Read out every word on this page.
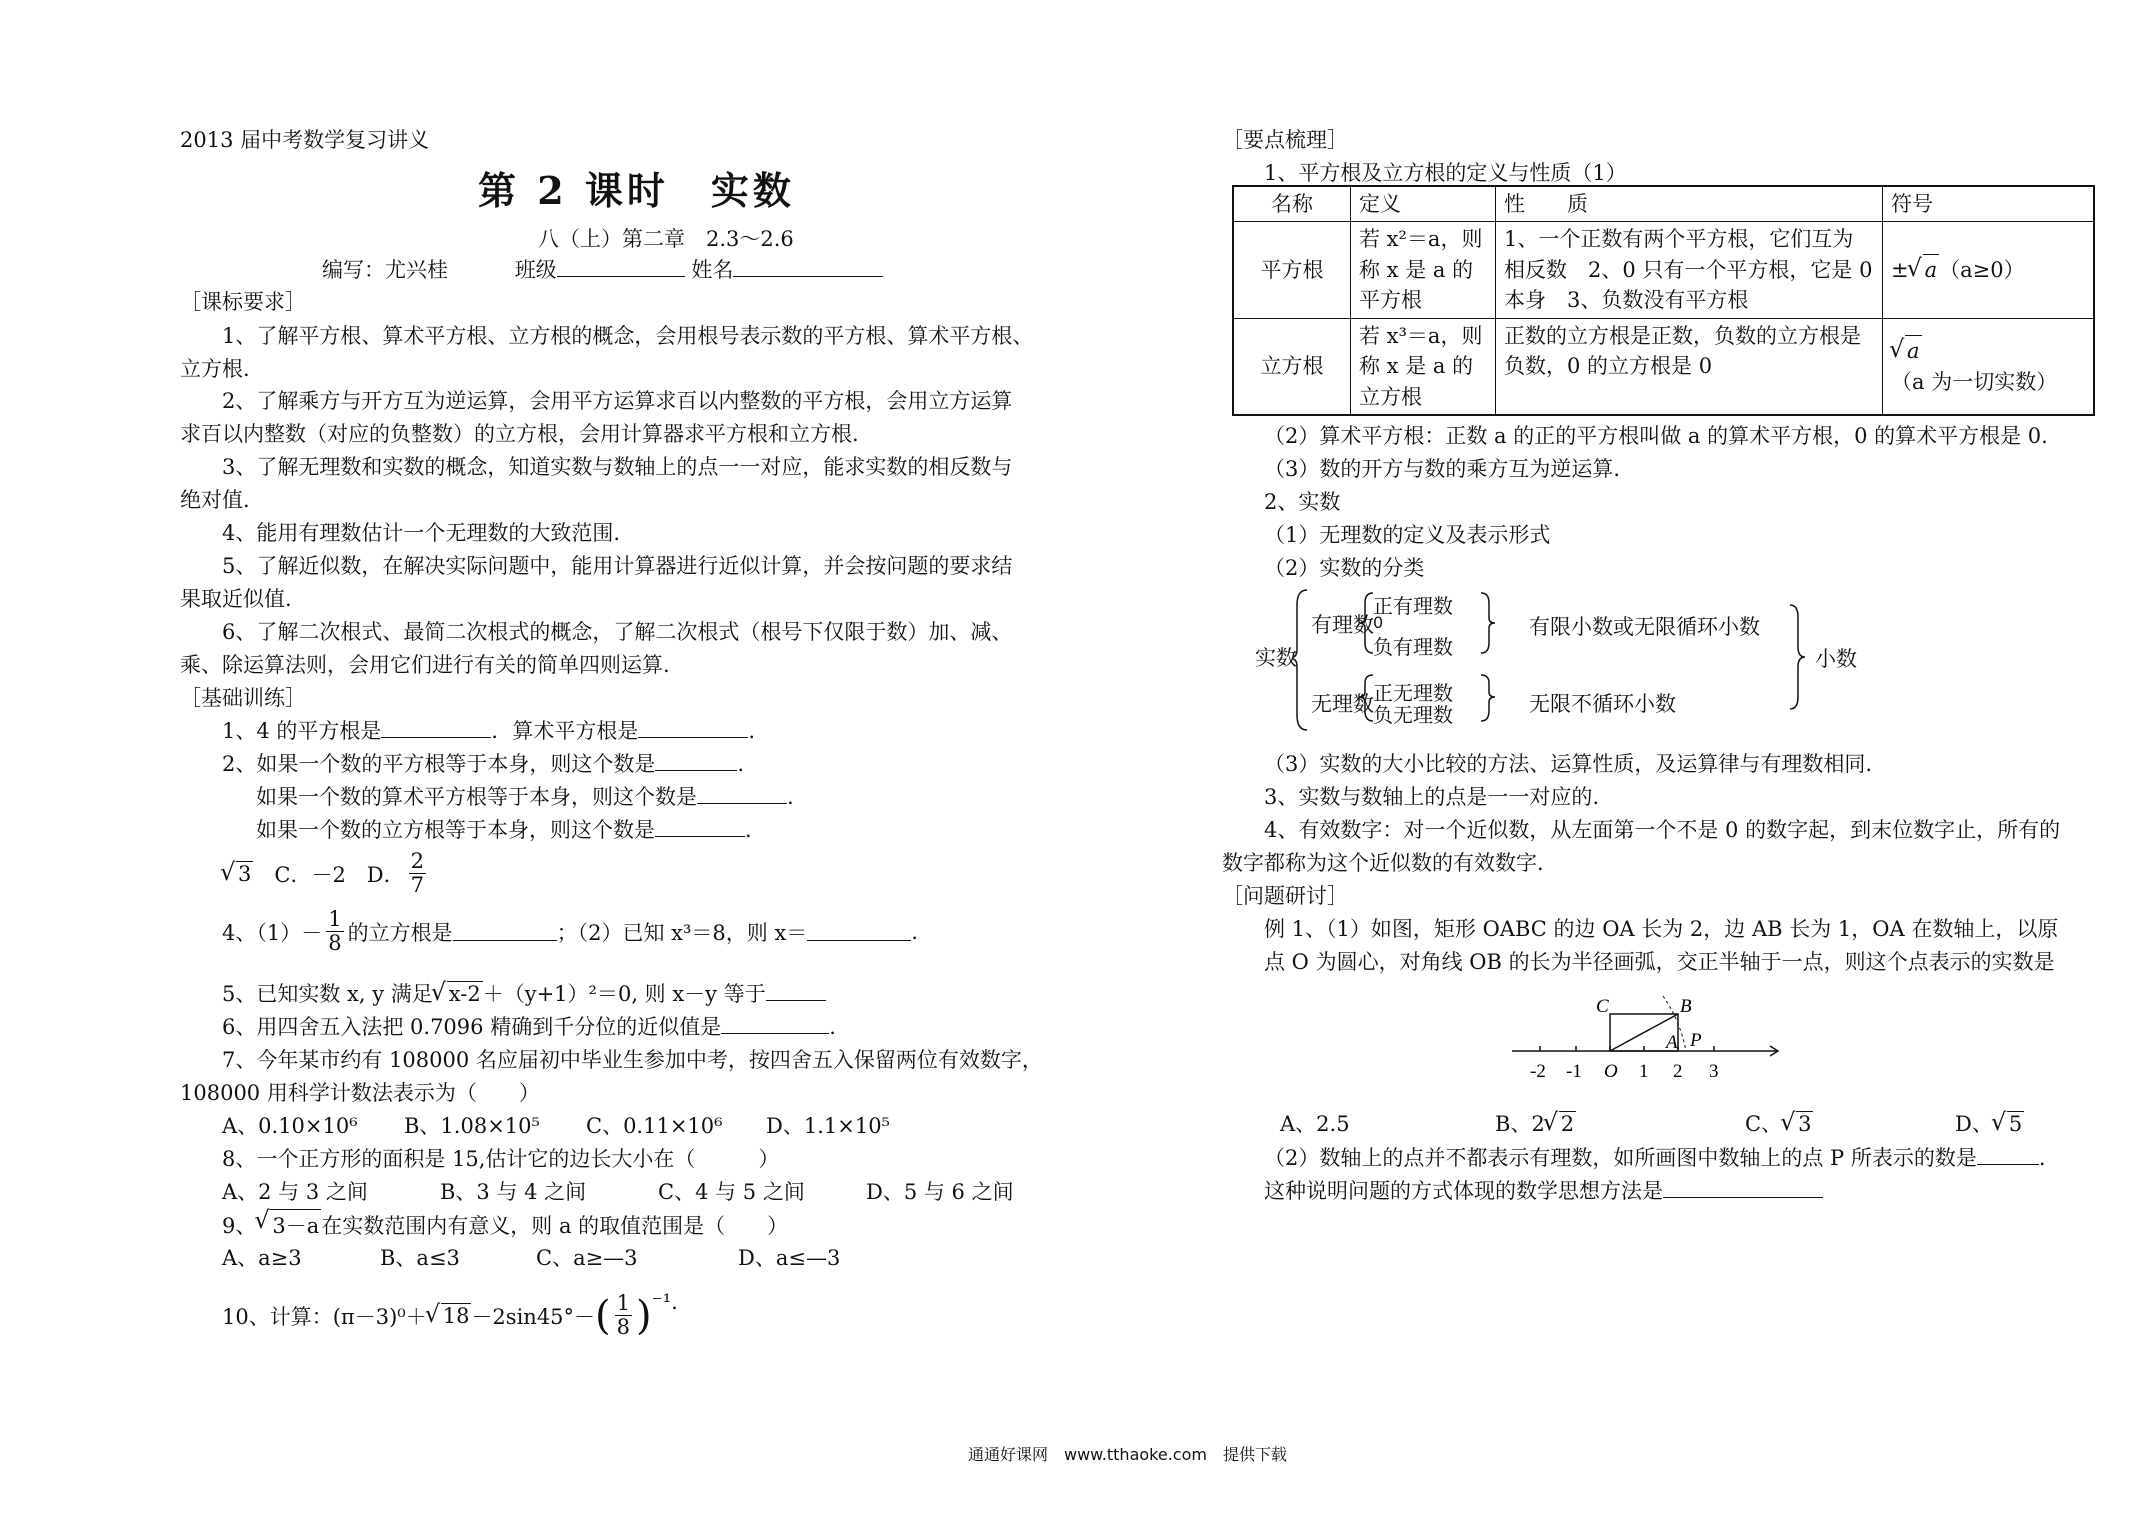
2013 届中考数学复习讲义
第 2 课时　实数
八（上）第二章　2.3～2.6
编写：尤兴桂	班级	姓名
［课标要求］
1、了解平方根、算术平方根、立方根的概念，会用根号表示数的平方根、算术平方根、
立方根.
2、了解乘方与开方互为逆运算，会用平方运算求百以内整数的平方根，会用立方运算
求百以内整数（对应的负整数）的立方根，会用计算器求平方根和立方根.
3、了解无理数和实数的概念，知道实数与数轴上的点一一对应，能求实数的相反数与
绝对值.
4、能用有理数估计一个无理数的大致范围.
5、了解近似数，在解决实际问题中，能用计算器进行近似计算，并会按问题的要求结
果取近似值.
6、了解二次根式、最简二次根式的概念，了解二次根式（根号下仅限于数）加、减、
乘、除运算法则，会用它们进行有关的简单四则运算.
［基础训练］
1、4 的平方根是	．算术平方根是	.
2、如果一个数的平方根等于本身，则这个数是	.
如果一个数的算术平方根等于本身，则这个数是	.
如果一个数的立方根等于本身，则这个数是	.
√ 3 　C．－2　D． $\frac{2}{7}$
4、$(1)- \frac{1}{8}$ 的立方根是	；（2）已知 x³＝8，则 x＝	.
5、已知实数 x, y 满足 √ x-2＋（y+1）²＝0, 则 x－y 等于
6、用四舍五入法把 0.7096 精确到千分位的近似值是	.
7、今年某市约有 108000 名应届初中毕业生参加中考，按四舍五入保留两位有效数字，
108000 用科学计数法表示为（　　）
A、0.10×10⁶ B、1.08×10⁵ C、0.11×10⁶ D、1.1×10⁵
8、一个正方形的面积是 15,估计它的边长大小在（　　　）
A、2 与 3 之间	B、3 与 4 之间	C、4 与 5 之间	D、5 与 6 之间
9、 √ 3－a在实数范围内有意义，则 a 的取值范围是（　　）
A、a≥3	B、a≤3	C、a≥—3	D、a≤—3
10、计算： (π－3)⁰＋ √ 18 －2sin45°－ ( $\frac{1}{8}$ ) ⁻¹.
［要点梳理］
1、平方根及立方根的定义与性质（1）
名称	定义	性　　质	符号
平方根	若 x²＝a，则称 x 是 a 的平方根	1、一个正数有两个平方根，它们互为相反数　2、0 只有一个平方根，它是 0 本身　3、负数没有平方根	± √ a（a≥0）
立方根	若 x³＝a，则称 x 是 a 的立方根	正数的立方根是正数，负数的立方根是负数，0 的立方根是 0	√ a（a 为一切实数）
（2）算术平方根：正数 a 的正的平方根叫做 a 的算术平方根，0 的算术平方根是 0.
（3）数的开方与数的乘方互为逆运算.
2、实数
（1）无理数的定义及表示形式
（2）实数的分类
实数
有理数
无理数
正有理数
0
负有理数
正无理数
负无理数
有限小数或无限循环小数
无限不循环小数
小数
（3）实数的大小比较的方法、运算性质，及运算律与有理数相同.
3、实数与数轴上的点是一一对应的.
4、有效数字：对一个近似数，从左面第一个不是 0 的数字起，到末位数字止，所有的
数字都称为这个近似数的有效数字.
［问题研讨］
例 1、（1）如图，矩形 OABC 的边 OA 长为 2，边 AB 长为 1，OA 在数轴上，以原
点 O 为圆心，对角线 OB 的长为半径画弧，交正半轴于一点，则这个点表示的实数是
C	B
A P
-2 -1 O 1 2 3
A、2.5	B、2 √ 2	C、 √ 3	D、 √ 5
（2）数轴上的点并不都表示有理数，如所画图中数轴上的点 P 所表示的数是	.
这种说明问题的方式体现的数学思想方法是
通通好课网　www.tthaoke.com　提供下载
